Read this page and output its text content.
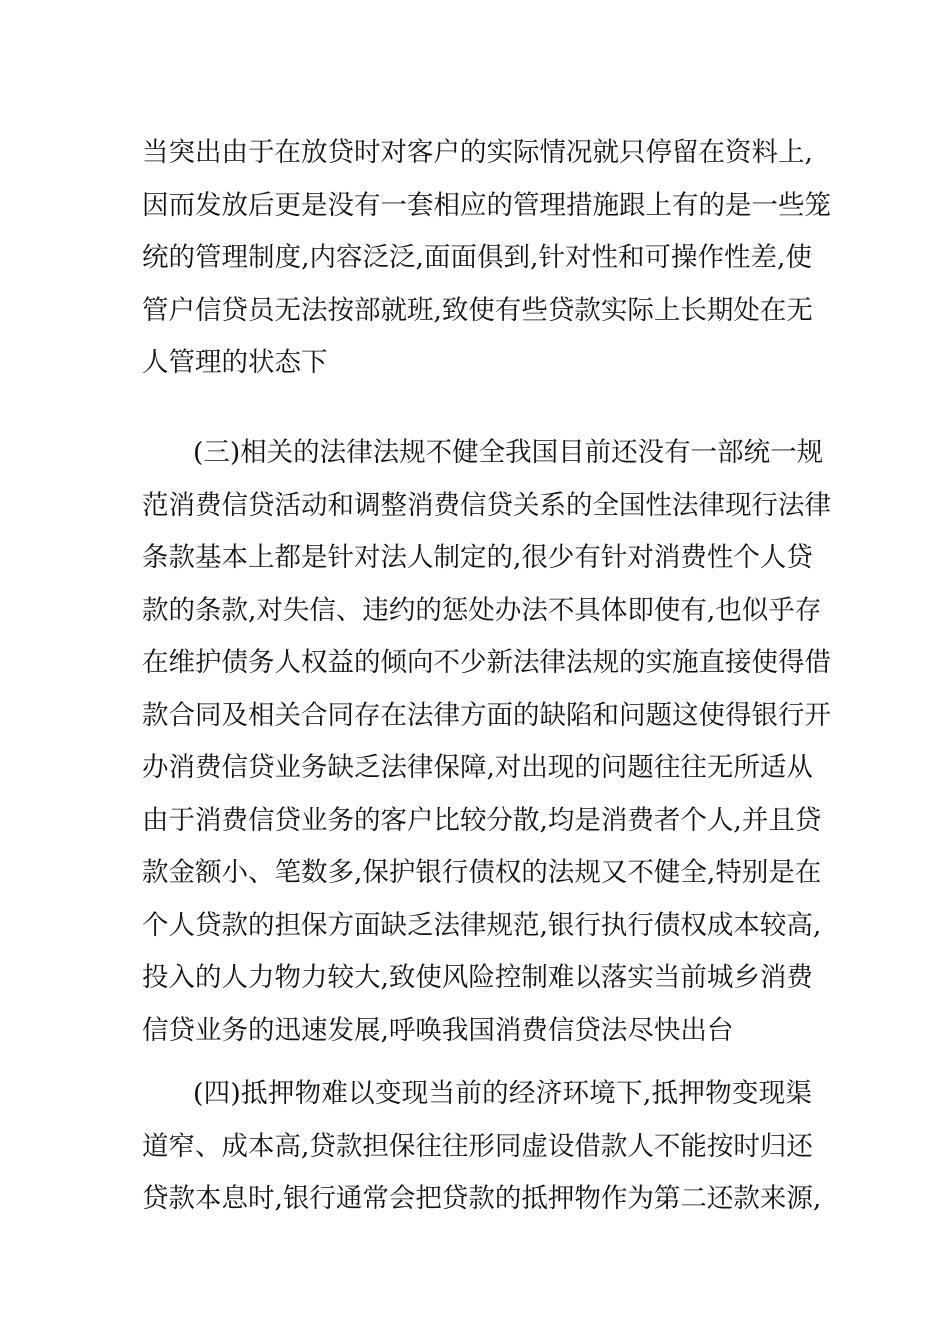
当突出由于在放贷时对客户的实际情况就只停留在资料上,
因而发放后更是没有一套相应的管理措施跟上有的是一些笼
统的管理制度,内容泛泛,面面俱到,针对性和可操作性差,使
管户信贷员无法按部就班,致使有些贷款实际上长期处在无
人管理的状态下
(三)相关的法律法规不健全我国目前还没有一部统一规
范消费信贷活动和调整消费信贷关系的全国性法律现行法律
条款基本上都是针对法人制定的,很少有针对消费性个人贷
款的条款,对失信、违约的惩处办法不具体即使有,也似乎存
在维护债务人权益的倾向不少新法律法规的实施直接使得借
款合同及相关合同存在法律方面的缺陷和问题这使得银行开
办消费信贷业务缺乏法律保障,对出现的问题往往无所适从
由于消费信贷业务的客户比较分散,均是消费者个人,并且贷
款金额小、笔数多,保护银行债权的法规又不健全,特别是在
个人贷款的担保方面缺乏法律规范,银行执行债权成本较高,
投入的人力物力较大,致使风险控制难以落实当前城乡消费
信贷业务的迅速发展,呼唤我国消费信贷法尽快出台
(四)抵押物难以变现当前的经济环境下,抵押物变现渠
道窄、成本高,贷款担保往往形同虚设借款人不能按时归还
贷款本息时,银行通常会把贷款的抵押物作为第二还款来源,
